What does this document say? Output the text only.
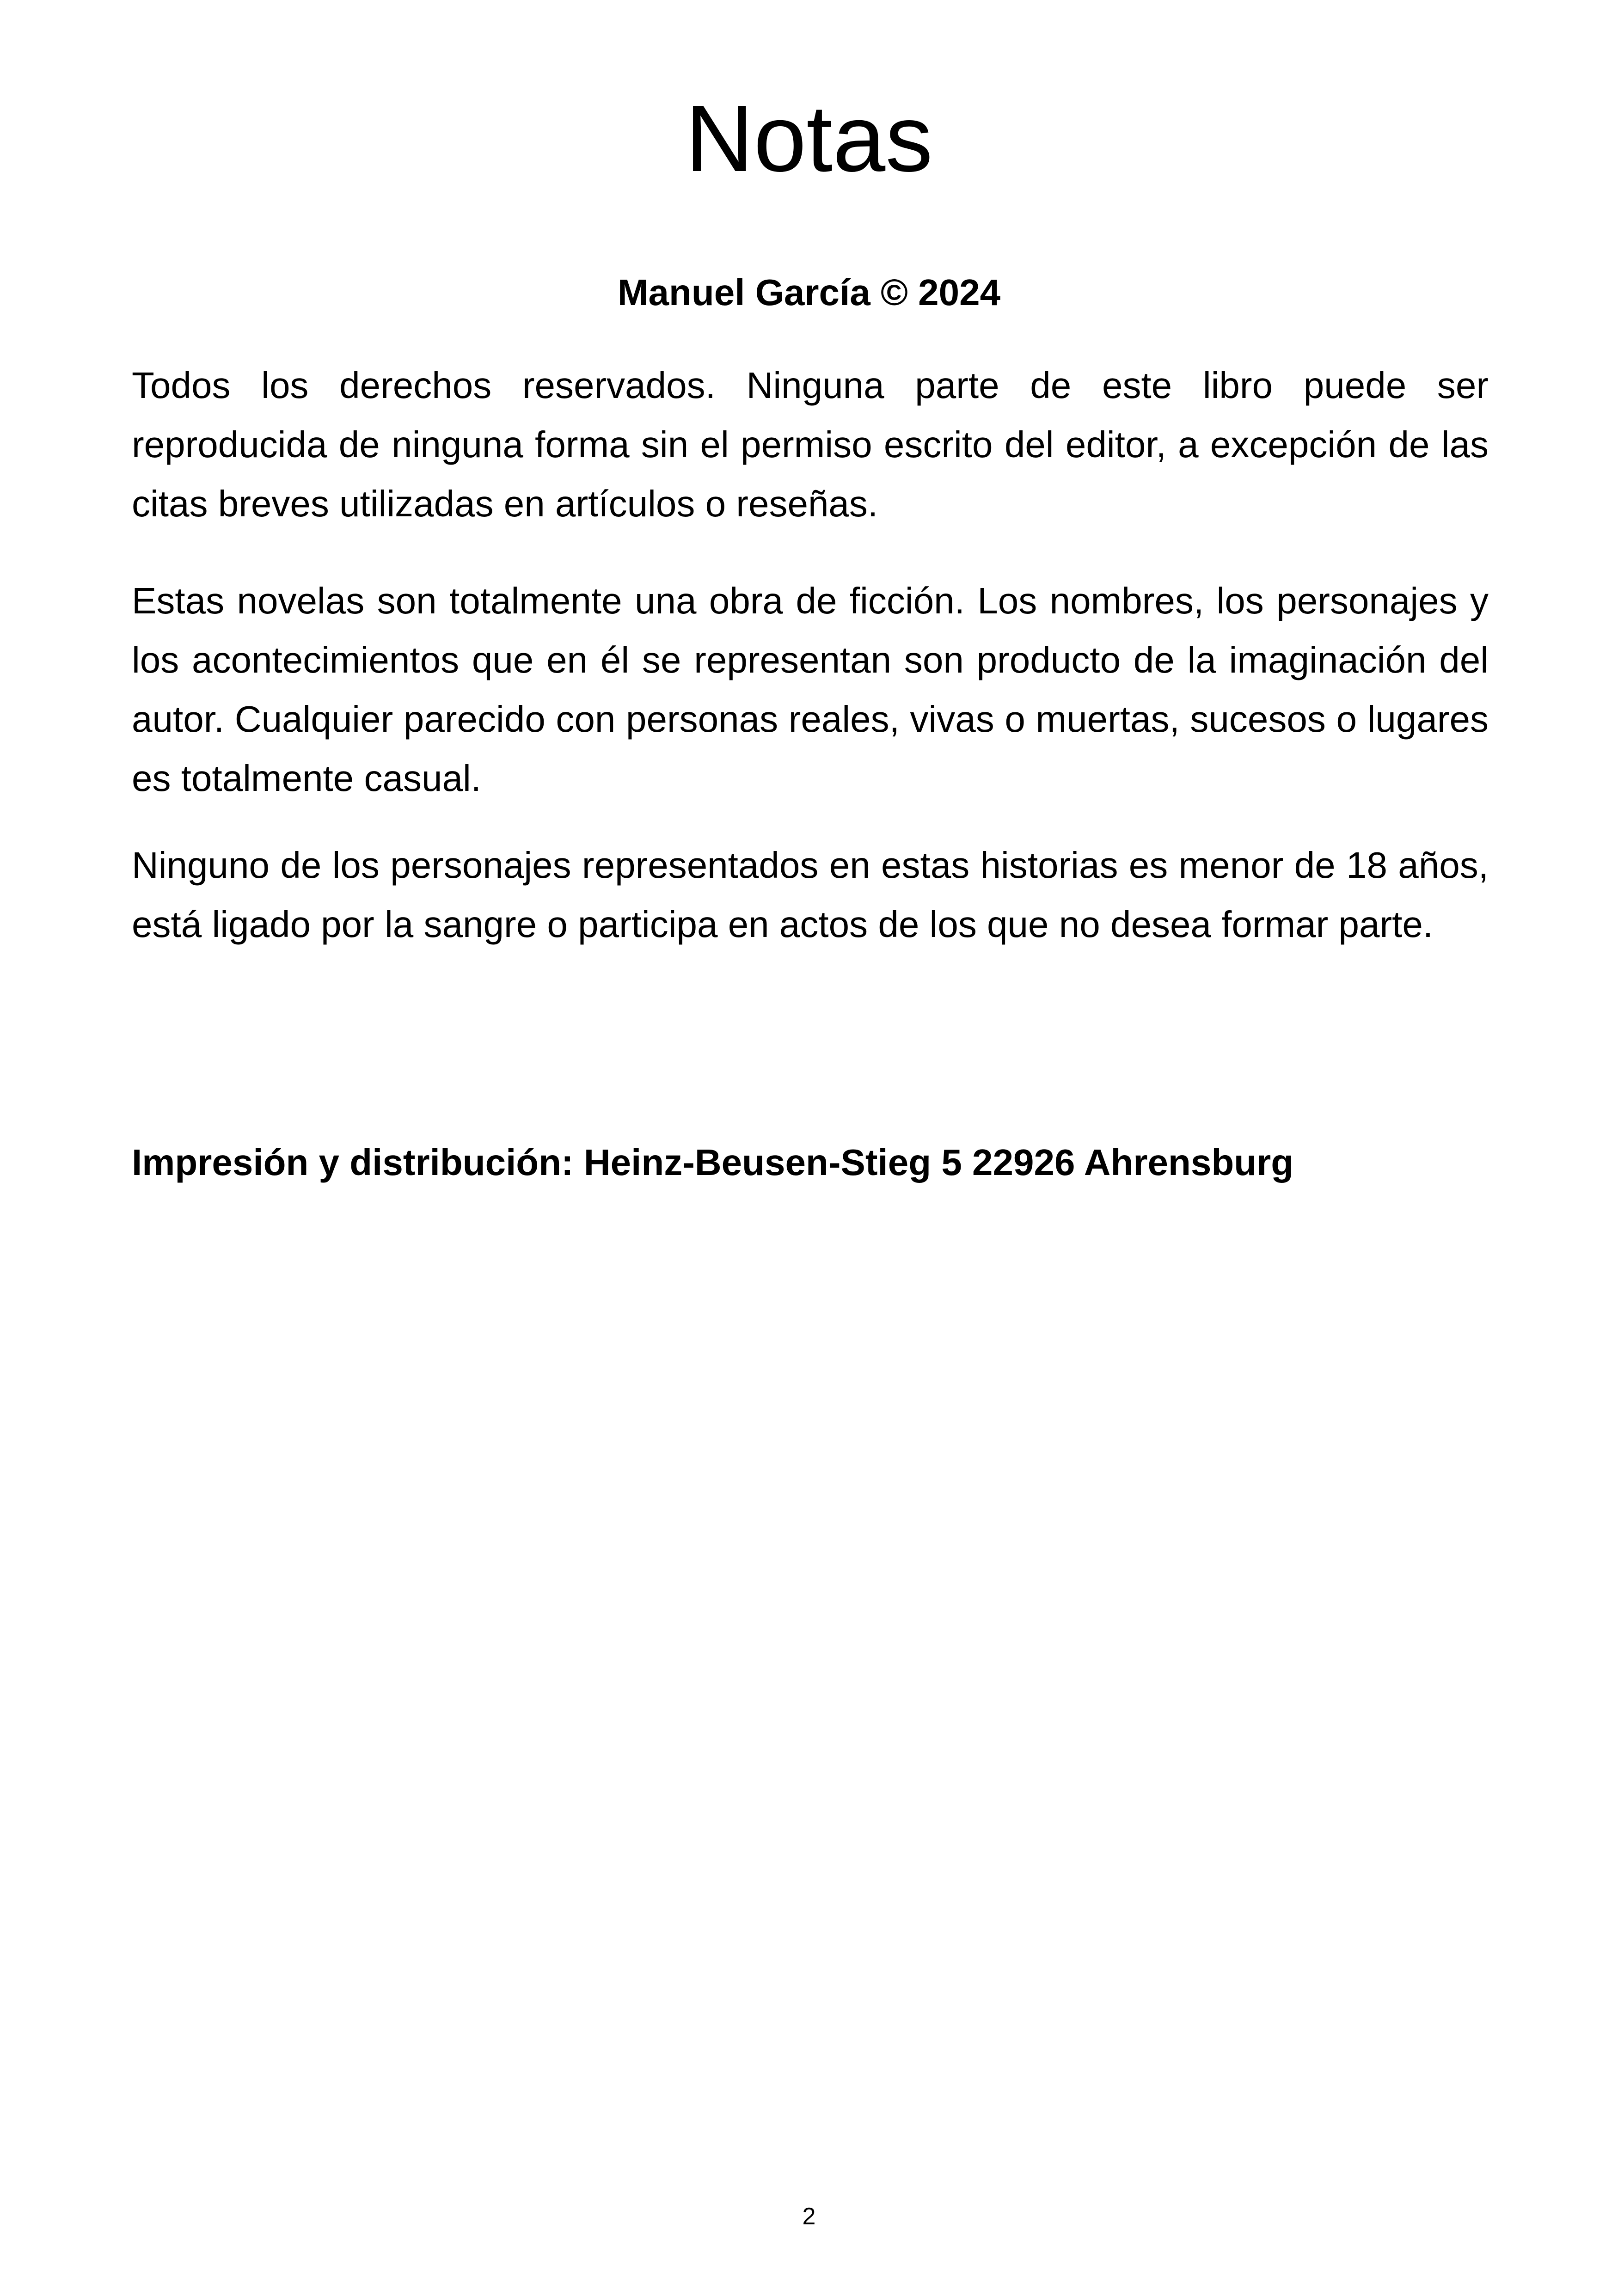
Notas

Manuel García © 2024

Todos los derechos reservados. Ninguna parte de este libro puede ser reproducida de ninguna forma sin el permiso escrito del editor, a excepción de las citas breves utilizadas en artículos o reseñas.

Estas novelas son totalmente una obra de ficción. Los nombres, los personajes y los acontecimientos que en él se representan son producto de la imaginación del autor. Cualquier parecido con personas reales, vivas o muertas, sucesos o lugares es totalmente casual.

Ninguno de los personajes representados en estas historias es menor de 18 años, está ligado por la sangre o participa en actos de los que no desea formar parte.

Impresión y distribución: Heinz-Beusen-Stieg 5 22926 Ahrensburg

2
